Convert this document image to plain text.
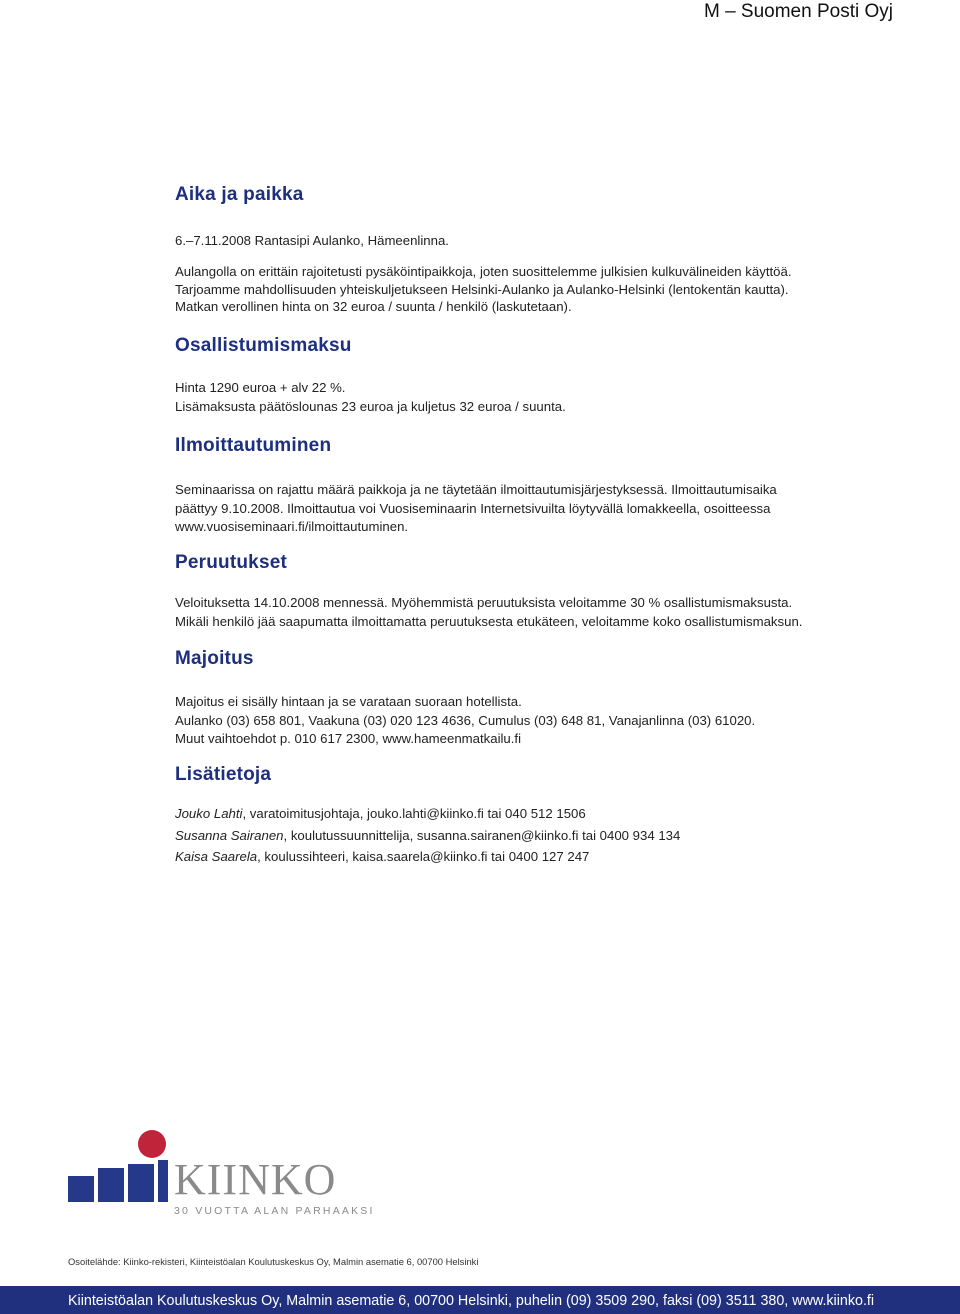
M – Suomen Posti Oyj
Aika ja paikka

6.–7.11.2008 Rantasipi Aulanko, Hämeenlinna.

Aulangolla on erittäin rajoitetusti pysäköintipaikkoja, joten suosittelemme julkisien kulkuvälineiden käyttöä.

Tarjoamme mahdollisuuden yhteiskuljetukseen Helsinki-Aulanko ja Aulanko-Helsinki (lentokentän kautta).

Matkan verollinen hinta on 32 euroa / suunta / henkilö (laskutetaan).

Osallistumismaksu

Hinta 1290 euroa + alv 22 %.

Lisämaksusta päätöslounas 23 euroa ja kuljetus 32 euroa / suunta.

Ilmoittautuminen

Seminaarissa on rajattu määrä paikkoja ja ne täytetään ilmoittautumisjärjestyksessä. Ilmoittautumisaika

päättyy 9.10.2008. Ilmoittautua voi Vuosiseminaarin Internetsivuilta löytyvällä lomakkeella, osoitteessa

www.vuosiseminaari.fi/ilmoittautuminen.

Peruutukset

Veloituksetta 14.10.2008 mennessä. Myöhemmistä peruutuksista veloitamme 30 % osallistumismaksusta.

Mikäli henkilö jää saapumatta ilmoittamatta peruutuksesta etukäteen, veloitamme koko osallistumismaksun.

Majoitus

Majoitus ei sisälly hintaan ja se varataan suoraan hotellista.

Aulanko (03) 658 801, Vaakuna (03) 020 123 4636, Cumulus (03) 648 81, Vanajanlinna (03) 61020.

Muut vaihtoehdot p. 010 617 2300, www.hameenmatkailu.fi

Lisätietoja

Jouko Lahti, varatoimitusjohtaja, jouko.lahti@kiinko.fi tai 040 512 1506

Susanna Sairanen, koulutussuunnittelija, susanna.sairanen@kiinko.fi tai 0400 934 134

Kaisa Saarela, koulussihteeri, kaisa.saarela@kiinko.fi tai 0400 127 247

KIINKO
30 VUOTTA ALAN PARHAAKSI
Osoitelähde: Kiinko-rekisteri, Kiinteistöalan Koulutuskeskus Oy, Malmin asematie 6, 00700 Helsinki
Kiinteistöalan Koulutuskeskus Oy, Malmin asematie 6, 00700 Helsinki, puhelin (09) 3509 290, faksi (09) 3511 380, www.kiinko.fi
